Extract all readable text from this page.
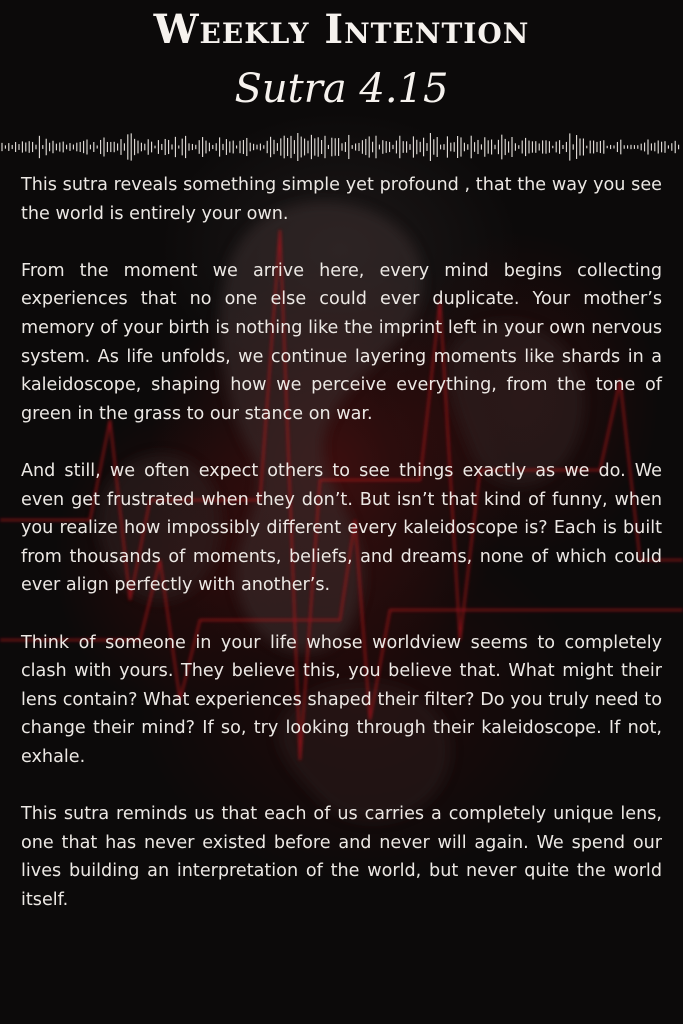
Weekly Intention
Sutra 4.15

This sutra reveals something simple yet profound , that the way you see the world is entirely your own.

From the moment we arrive here, every mind begins collecting experiences that no one else could ever duplicate. Your mother’s memory of your birth is nothing like the imprint left in your own nervous system. As life unfolds, we continue layering moments like shards in a kaleidoscope, shaping how we perceive everything, from the tone of green in the grass to our stance on war.

And still, we often expect others to see things exactly as we do. We even get frustrated when they don’t. But isn’t that kind of funny, when you realize how impossibly different every kaleidoscope is? Each is built from thousands of moments, beliefs, and dreams, none of which could ever align perfectly with another’s.

Think of someone in your life whose worldview seems to completely clash with yours. They believe this, you believe that. What might their lens contain? What experiences shaped their filter? Do you truly need to change their mind? If so, try looking through their kaleidoscope. If not, exhale.

This sutra reminds us that each of us carries a completely unique lens, one that has never existed before and never will again. We spend our lives building an interpretation of the world, but never quite the world itself.
